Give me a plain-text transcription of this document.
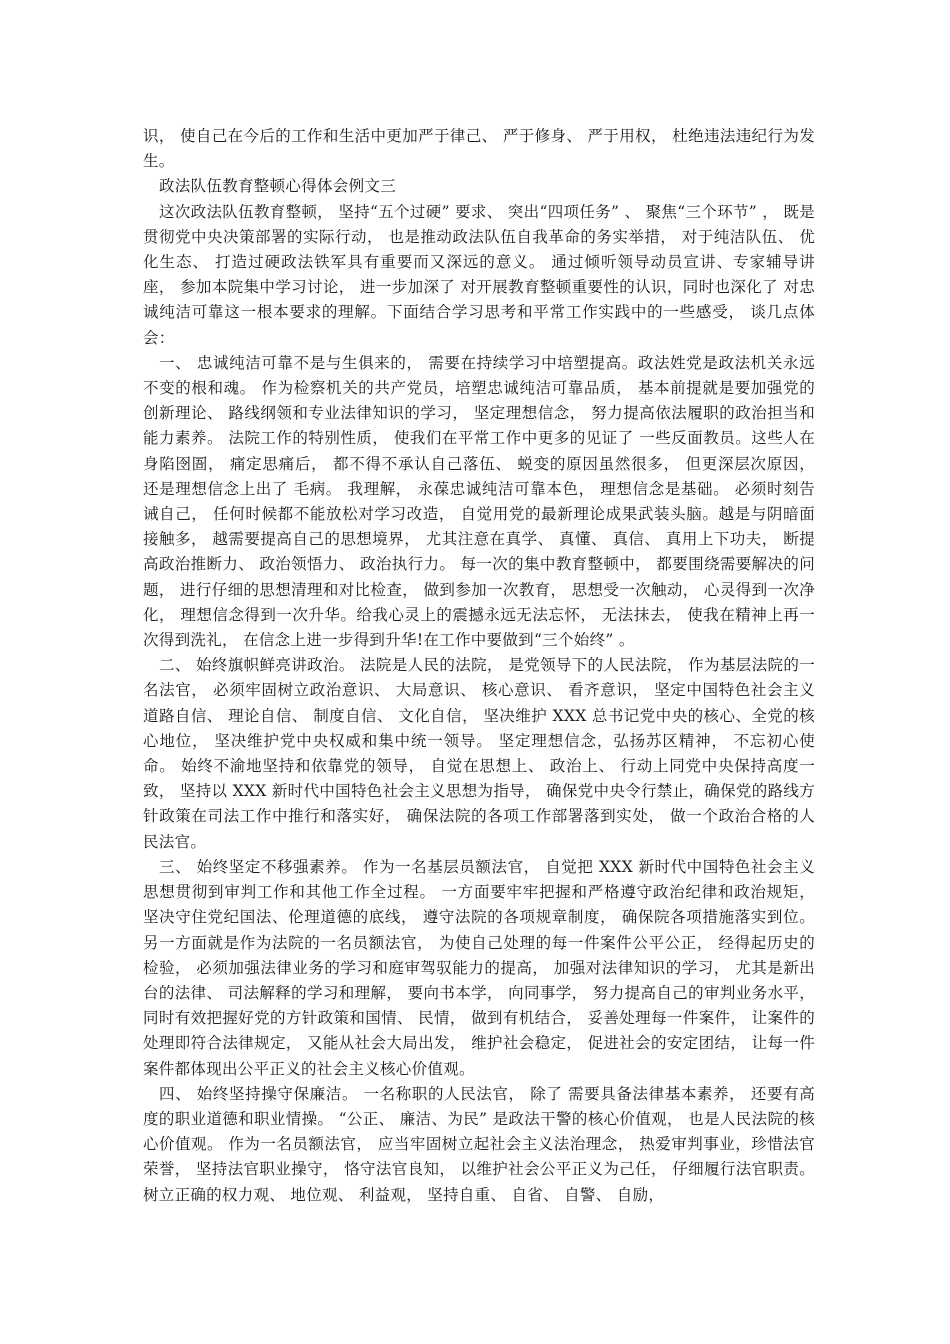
识， 使自己在今后的工作和生活中更加严于律己、 严于修身、 严于用权， 杜绝违法违纪行为发生。

政法队伍教育整顿心得体会例文三

这次政法队伍教育整顿， 坚持“五个过硬” 要求、 突出“四项任务” 、 聚焦“三个环节” ， 既是贯彻党中央决策部署的实际行动， 也是推动政法队伍自我革命的务实举措， 对于纯洁队伍、 优化生态、 打造过硬政法铁军具有重要而又深远的意义。 通过倾听领导动员宣讲、专家辅导讲座， 参加本院集中学习讨论， 进一步加深了 对开展教育整顿重要性的认识，同时也深化了 对忠诚纯洁可靠这一根本要求的理解。下面结合学习思考和平常工作实践中的一些感受， 谈几点体会：

一、 忠诚纯洁可靠不是与生俱来的， 需要在持续学习中培塑提高。政法姓党是政法机关永远不变的根和魂。 作为检察机关的共产党员，培塑忠诚纯洁可靠品质， 基本前提就是要加强党的创新理论、 路线纲领和专业法律知识的学习， 坚定理想信念， 努力提高依法履职的政治担当和能力素养。 法院工作的特别性质， 使我们在平常工作中更多的见证了 一些反面教员。这些人在身陷囹圄， 痛定思痛后， 都不得不承认自己落伍、 蜕变的原因虽然很多， 但更深层次原因， 还是理想信念上出了 毛病。 我理解， 永葆忠诚纯洁可靠本色， 理想信念是基础。 必须时刻告诫自己， 任何时候都不能放松对学习改造， 自觉用党的最新理论成果武装头脑。越是与阴暗面接触多， 越需要提高自己的思想境界， 尤其注意在真学、 真懂、 真信、 真用上下功夫， 断提高政治推断力、 政治领悟力、 政治执行力。 每一次的集中教育整顿中， 都要围绕需要解决的问题， 进行仔细的思想清理和对比检查， 做到参加一次教育， 思想受一次触动， 心灵得到一次净化， 理想信念得到一次升华。给我心灵上的震撼永远无法忘怀， 无法抹去， 使我在精神上再一次得到洗礼， 在信念上进一步得到升华!在工作中要做到“三个始终” 。

二、 始终旗帜鲜亮讲政治。 法院是人民的法院， 是党领导下的人民法院， 作为基层法院的一名法官， 必须牢固树立政治意识、 大局意识、 核心意识、 看齐意识， 坚定中国特色社会主义道路自信、 理论自信、 制度自信、 文化自信， 坚决维护 XXX 总书记党中央的核心、全党的核心地位， 坚决维护党中央权威和集中统一领导。 坚定理想信念，弘扬苏区精神， 不忘初心使命。 始终不渝地坚持和依靠党的领导， 自觉在思想上、 政治上、 行动上同党中央保持高度一致， 坚持以 XXX 新时代中国特色社会主义思想为指导， 确保党中央令行禁止，确保党的路线方针政策在司法工作中推行和落实好， 确保法院的各项工作部署落到实处， 做一个政治合格的人民法官。

三、 始终坚定不移强素养。 作为一名基层员额法官， 自觉把 XXX 新时代中国特色社会主义思想贯彻到审判工作和其他工作全过程。 一方面要牢牢把握和严格遵守政治纪律和政治规矩， 坚决守住党纪国法、伦理道德的底线， 遵守法院的各项规章制度， 确保院各项措施落实到位。 另一方面就是作为法院的一名员额法官， 为使自己处理的每一件案件公平公正， 经得起历史的检验， 必须加强法律业务的学习和庭审驾驭能力的提高， 加强对法律知识的学习， 尤其是新出台的法律、 司法解释的学习和理解， 要向书本学， 向同事学， 努力提高自己的审判业务水平， 同时有效把握好党的方针政策和国情、 民情， 做到有机结合， 妥善处理每一件案件， 让案件的处理即符合法律规定， 又能从社会大局出发， 维护社会稳定， 促进社会的安定团结， 让每一件案件都体现出公平正义的社会主义核心价值观。

四、 始终坚持操守保廉洁。 一名称职的人民法官， 除了 需要具备法律基本素养， 还要有高度的职业道德和职业情操。 “公正、 廉洁、为民” 是政法干警的核心价值观， 也是人民法院的核心价值观。 作为一名员额法官， 应当牢固树立起社会主义法治理念， 热爱审判事业，珍惜法官荣誉， 坚持法官职业操守， 恪守法官良知， 以维护社会公平正义为己任， 仔细履行法官职责。 树立正确的权力观、 地位观、 利益观， 坚持自重、 自省、 自警、 自励，
